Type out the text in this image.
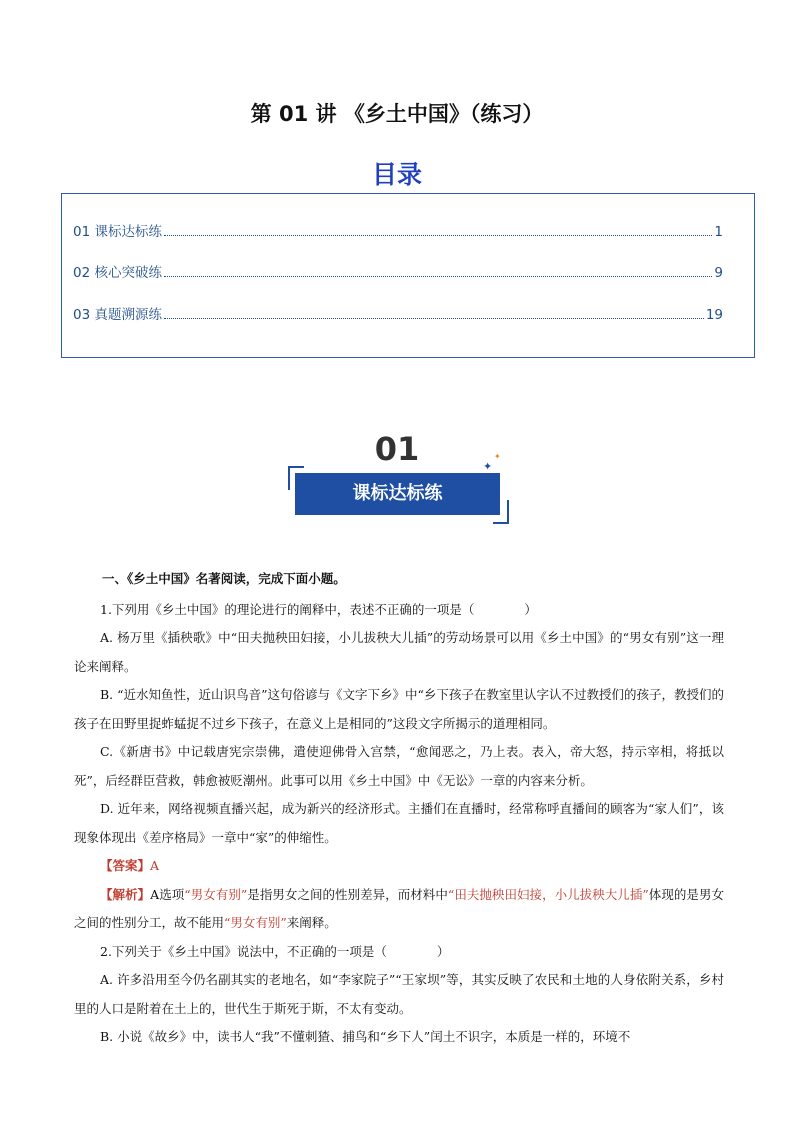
第 01 讲 《乡土中国》（练习）
目录
01 课标达标练	1
02 核心突破练	9
03 真题溯源练	19
01
课标达标练
✦
✦

一、《乡土中国》名著阅读，完成下面小题。

1.下列用《乡土中国》的理论进行的阐释中，表述不正确的一项是（　　　　）

A. 杨万里《插秧歌》中“田夫抛秧田妇接，小儿拔秧大儿插”的劳动场景可以用《乡土中国》的“男女有别”这一理论来阐释。

B. “近水知鱼性，近山识鸟音”这句俗谚与《文字下乡》中“乡下孩子在教室里认字认不过教授们的孩子，教授们的孩子在田野里捉蚱蜢捉不过乡下孩子，在意义上是相同的”这段文字所揭示的道理相同。

C.《新唐书》中记载唐宪宗崇佛，遣使迎佛骨入宫禁，“愈闻恶之，乃上表。表入，帝大怒，持示宰相，将抵以死”，后经群臣营救，韩愈被贬潮州。此事可以用《乡土中国》中《无讼》一章的内容来分析。

D. 近年来，网络视频直播兴起，成为新兴的经济形式。主播们在直播时，经常称呼直播间的顾客为“家人们”，该现象体现出《差序格局》一章中“家”的伸缩性。

【答案】A

【解析】A选项“男女有别”是指男女之间的性别差异，而材料中“田夫抛秧田妇接，小儿拔秧大儿插”体现的是男女之间的性别分工，故不能用“男女有别”来阐释。

2.下列关于《乡土中国》说法中，不正确的一项是（　　　　）

A. 许多沿用至今仍名副其实的老地名，如“李家院子”“王家坝”等，其实反映了农民和土地的人身依附关系，乡村里的人口是附着在土上的，世代生于斯死于斯，不太有变动。

B. 小说《故乡》中，读书人“我”不懂刺猹、捕鸟和“乡下人”闰土不识字，本质是一样的，环境不
